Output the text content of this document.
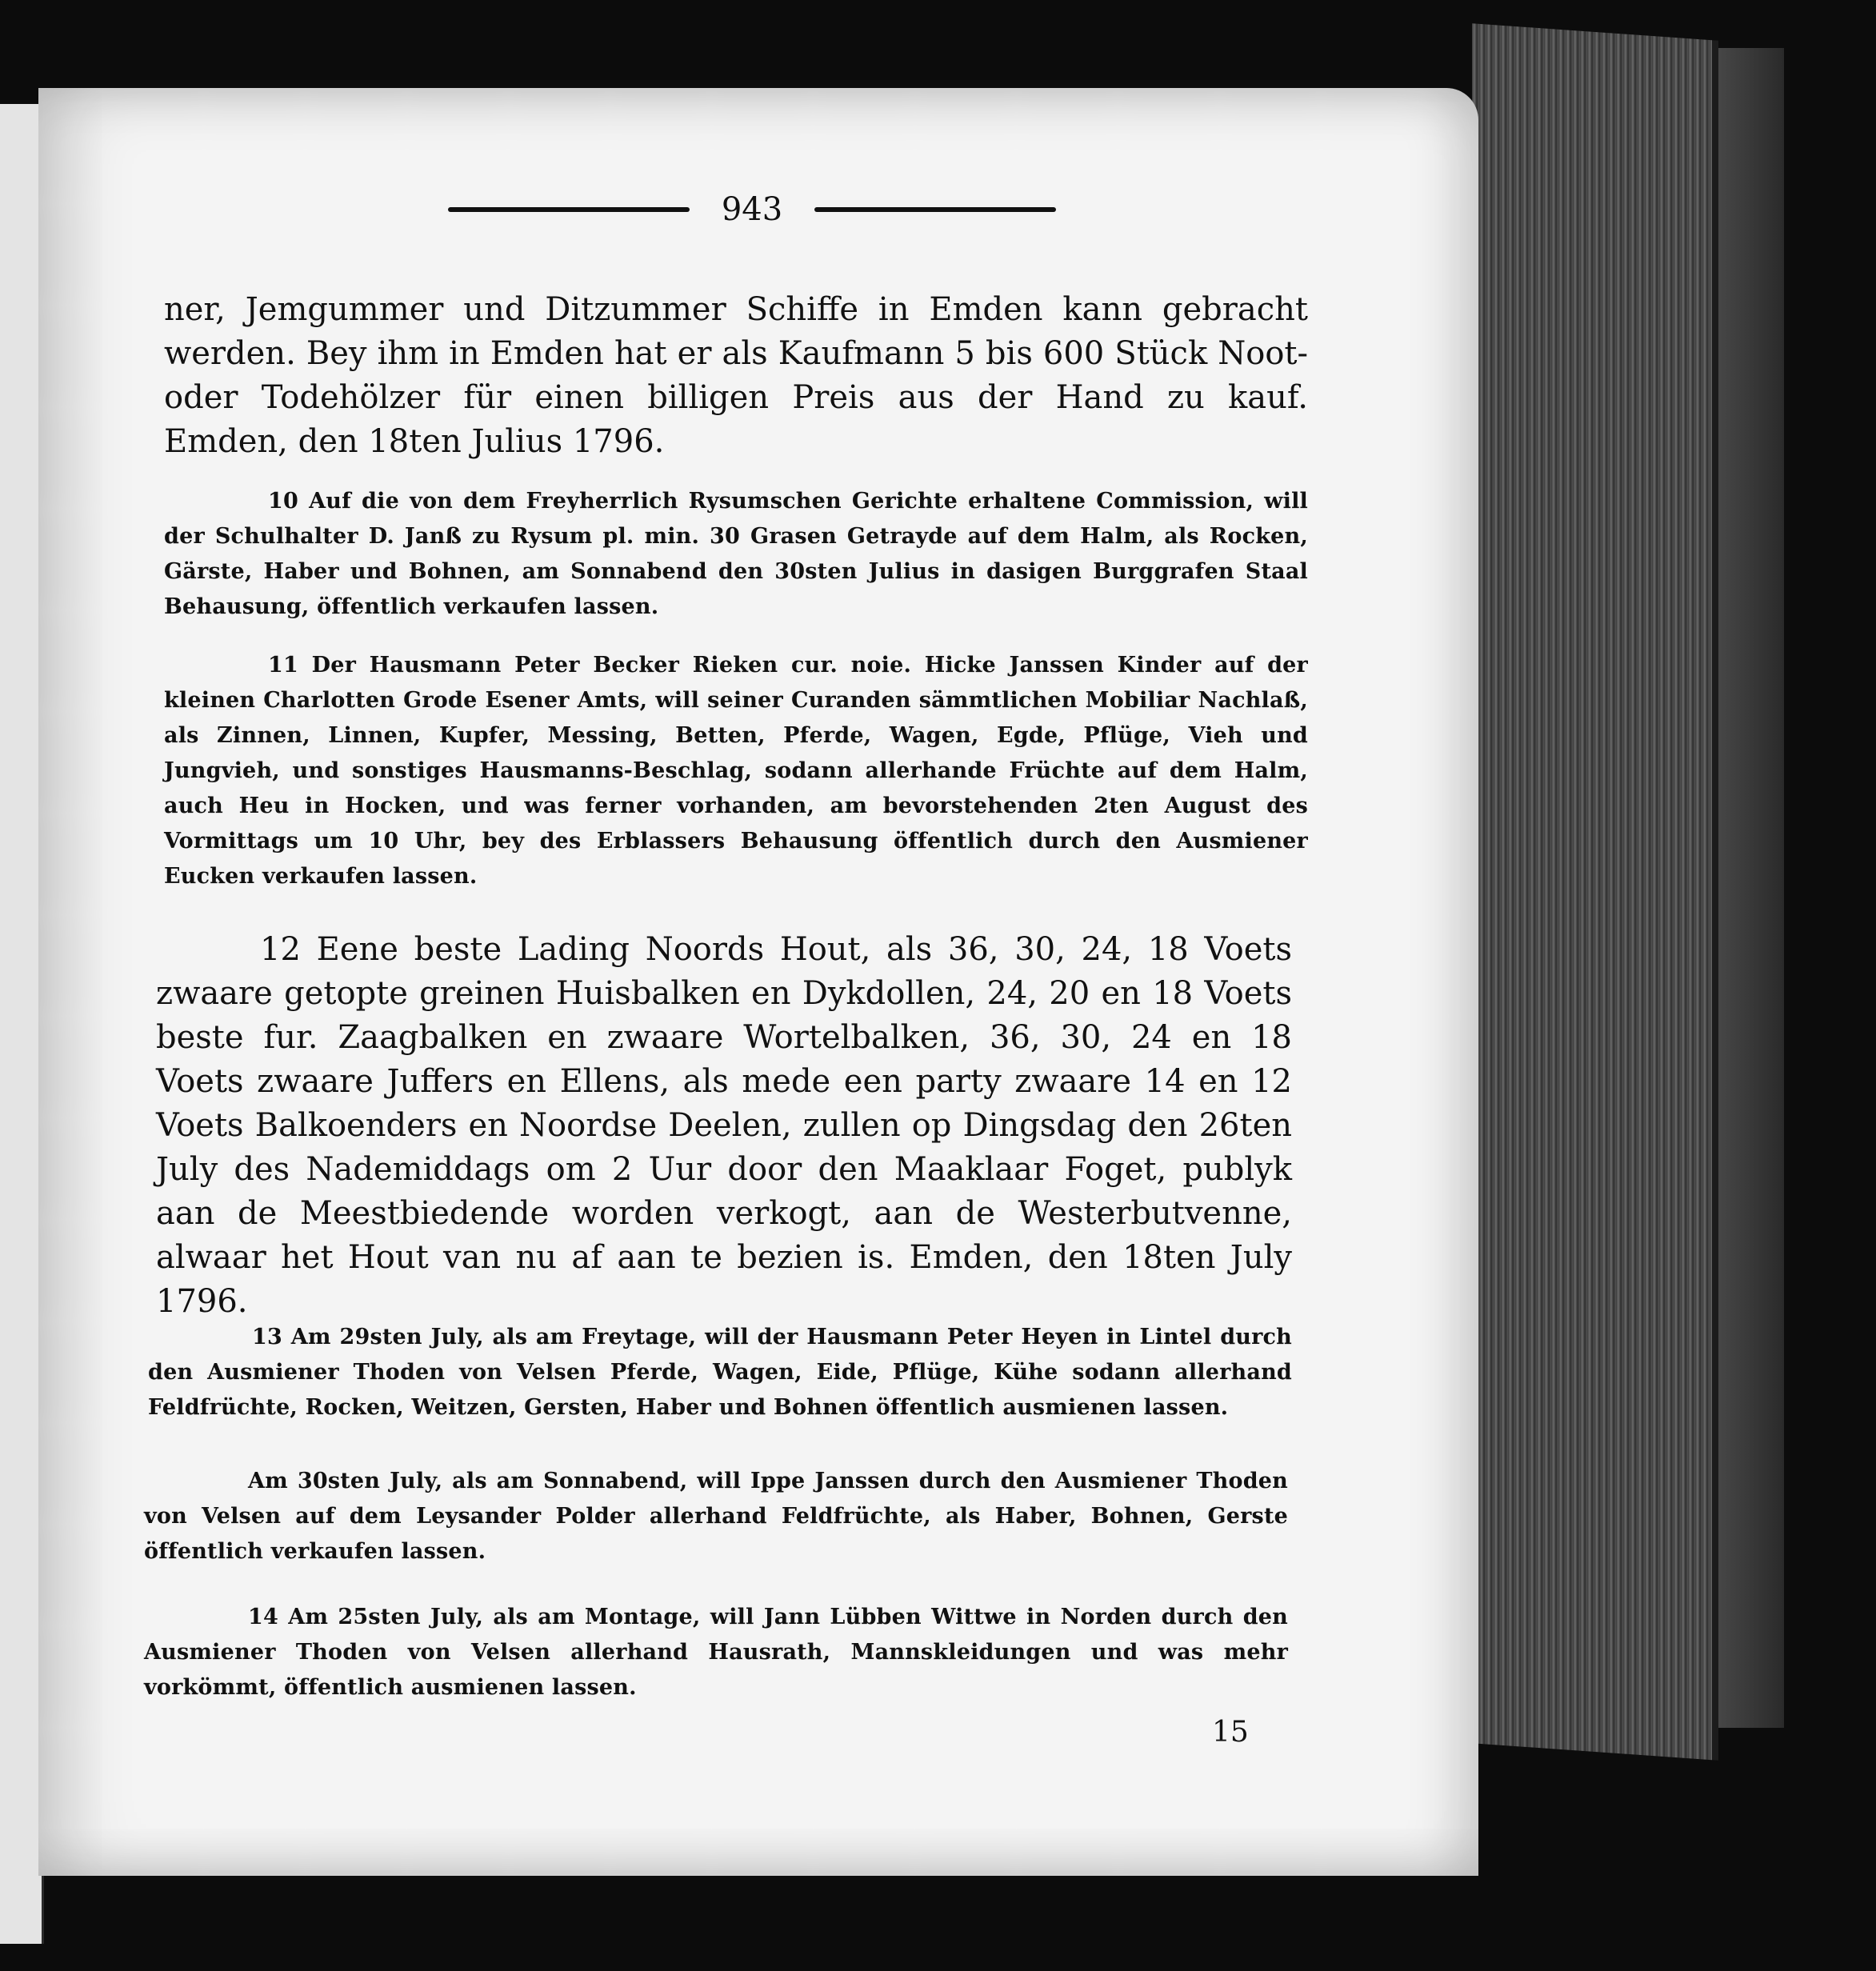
943
ner, Jemgummer und Ditzummer Schiffe in Emden kann gebracht werden. Bey ihm in Emden hat er als Kaufmann 5 bis 600 Stück Noot- oder Todehölzer für einen billigen Preis aus der Hand zu kauf. Emden, den 18ten Julius 1796.
10 Auf die von dem Freyherrlich Rysumschen Gerichte erhaltene Commission, will der Schulhalter D. Janß zu Rysum pl. min. 30 Grasen Getrayde auf dem Halm, als Rocken, Gärste, Haber und Bohnen, am Sonnabend den 30sten Julius in dasigen Burggrafen Staal Behausung, öffentlich verkaufen lassen.
11 Der Hausmann Peter Becker Rieken cur. noie. Hicke Janssen Kinder auf der kleinen Charlotten Grode Esener Amts, will seiner Curanden sämmtlichen Mobiliar Nachlaß, als Zinnen, Linnen, Kupfer, Messing, Betten, Pferde, Wagen, Egde, Pflüge, Vieh und Jungvieh, und sonstiges Hausmanns-Beschlag, sodann allerhande Früchte auf dem Halm, auch Heu in Hocken, und was ferner vorhanden, am bevorstehenden 2ten August des Vormittags um 10 Uhr, bey des Erblassers Behausung öffentlich durch den Ausmiener Eucken verkaufen lassen.
12 Eene beste Lading Noords Hout, als 36, 30, 24, 18 Voets zwaare getopte greinen Huisbalken en Dykdollen, 24, 20 en 18 Voets beste fur. Zaagbalken en zwaare Wortelbalken, 36, 30, 24 en 18 Voets zwaare Juffers en Ellens, als mede een party zwaare 14 en 12 Voets Balkoenders en Noordse Deelen, zullen op Dingsdag den 26ten July des Nademiddags om 2 Uur door den Maaklaar Foget, publyk aan de Meestbiedende worden verkogt, aan de Westerbutvenne, alwaar het Hout van nu af aan te bezien is. Emden, den 18ten July 1796.
13 Am 29sten July, als am Freytage, will der Hausmann Peter Heyen in Lintel durch den Ausmiener Thoden von Velsen Pferde, Wagen, Eide, Pflüge, Kühe sodann allerhand Feldfrüchte, Rocken, Weitzen, Gersten, Haber und Bohnen öffentlich ausmienen lassen.
Am 30sten July, als am Sonnabend, will Ippe Janssen durch den Ausmiener Thoden von Velsen auf dem Leysander Polder allerhand Feldfrüchte, als Haber, Bohnen, Gerste öffentlich verkaufen lassen.
14 Am 25sten July, als am Montage, will Jann Lübben Wittwe in Norden durch den Ausmiener Thoden von Velsen allerhand Hausrath, Mannskleidungen und was mehr vorkömmt, öffentlich ausmienen lassen.
15
